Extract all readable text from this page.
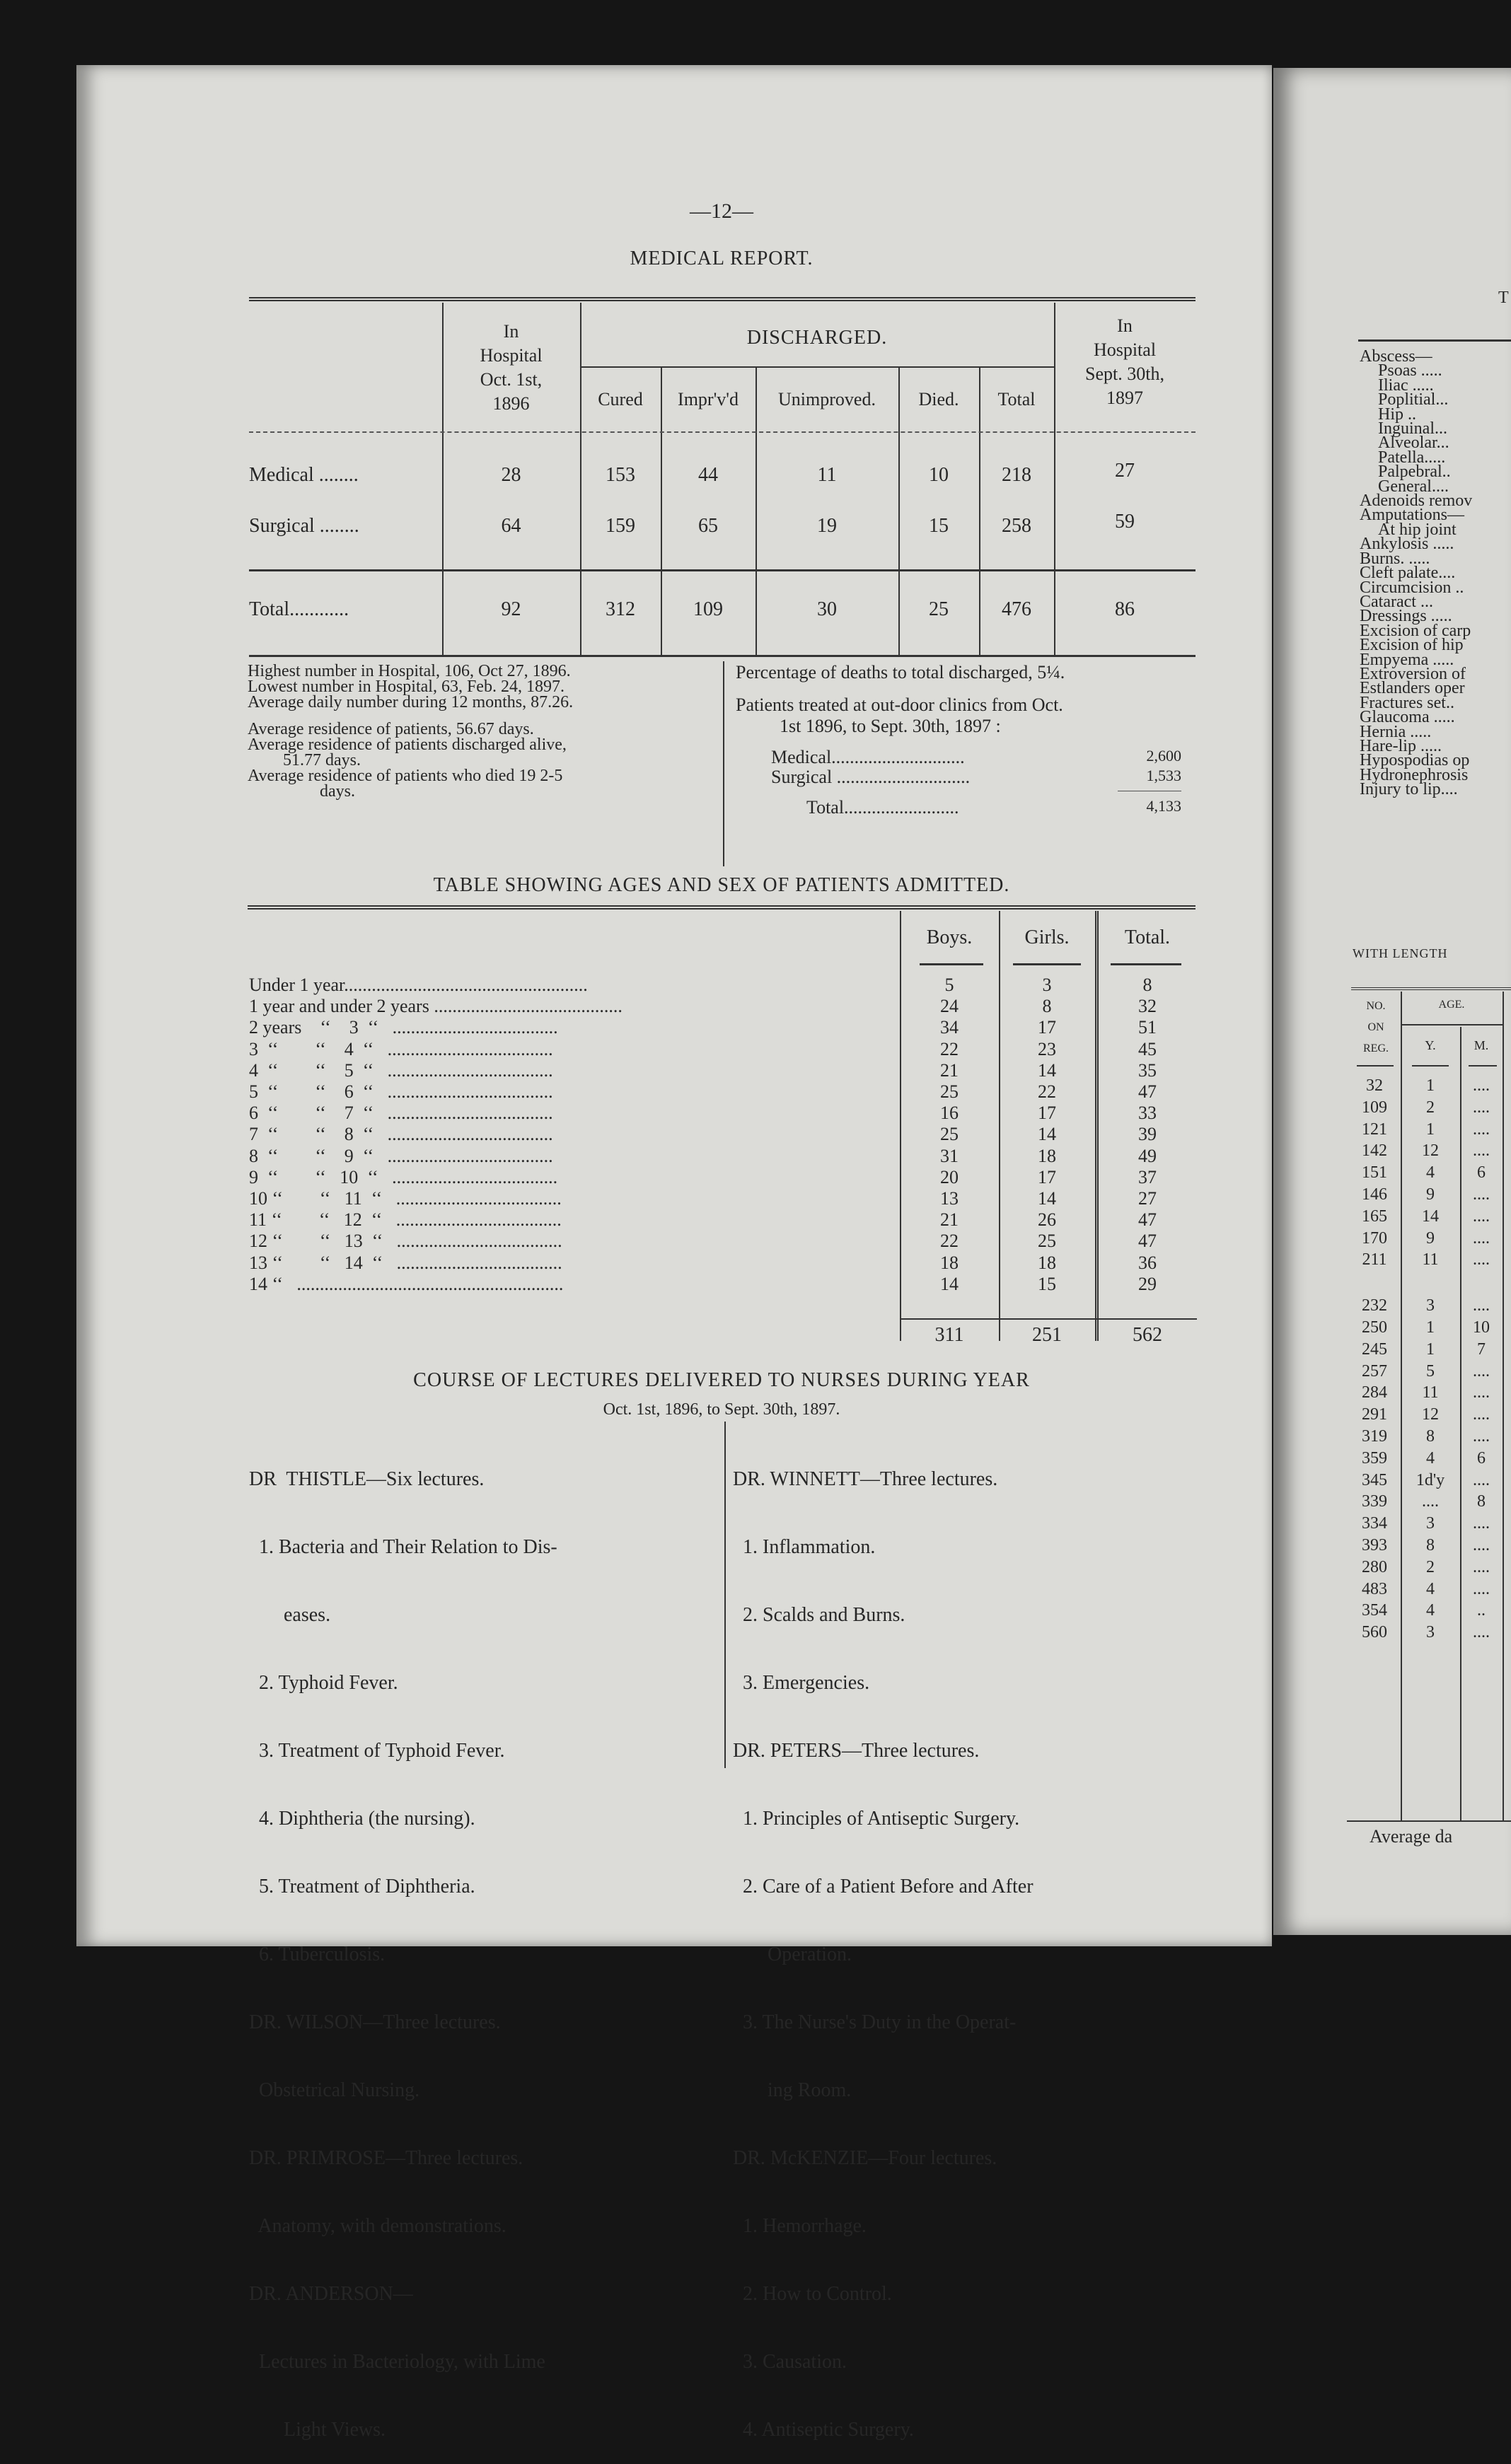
—12—
MEDICAL REPORT.
In
Hospital
Oct. 1st,
1896
DISCHARGED.
Cured	Impr'v'd	Unimproved.	Died.	Total
In
Hospital
Sept. 30th,
1897
Medical ........	28	153	44	11	10	218	27
Surgical ........	64	159	65	19	15	258	59
Total............	92	312	109	30	25	476	86
Highest number in Hospital, 106, Oct 27, 1896.
Lowest number in Hospital, 63, Feb. 24, 1897.
Average daily number during 12 months, 87.26.
Average residence of patients, 56.67 days.
Average residence of patients discharged alive,
51.77 days.
Average residence of patients who died 19 2-5
days.
Percentage of deaths to total discharged, 5¼.
Patients treated at out-door clinics from Oct.
1st 1896, to Sept. 30th, 1897 :
Medical.............................	2,600
Surgical .............................	1,533
Total.........................	4,133
TABLE SHOWING AGES AND SEX OF PATIENTS ADMITTED.
Boys.	Girls.	Total.
Under 1 year.....................................................	5	3	8
1 year and under 2 years .........................................	24	8	32
2 years    ‘‘    3  ‘‘   ....................................	34	17	51
3  ‘‘        ‘‘    4  ‘‘   ....................................	22	23	45
4  ‘‘        ‘‘    5  ‘‘   ....................................	21	14	35
5  ‘‘        ‘‘    6  ‘‘   ....................................	25	22	47
6  ‘‘        ‘‘    7  ‘‘   ....................................	16	17	33
7  ‘‘        ‘‘    8  ‘‘   ....................................	25	14	39
8  ‘‘        ‘‘    9  ‘‘   ....................................	31	18	49
9  ‘‘        ‘‘   10  ‘‘   ....................................	20	17	37
10 ‘‘        ‘‘   11  ‘‘   ....................................	13	14	27
11 ‘‘        ‘‘   12  ‘‘   ....................................	21	26	47
12 ‘‘        ‘‘   13  ‘‘   ....................................	22	25	47
13 ‘‘        ‘‘   14  ‘‘   ....................................	18	18	36
14 ‘‘   ..........................................................	14	15	29
311	251	562
COURSE OF LECTURES DELIVERED TO NURSES DURING YEAR
Oct. 1st, 1896, to Sept. 30th, 1897.

DR  THISTLE—Six lectures.

1. Bacteria and Their Relation to Dis-

eases.

2. Typhoid Fever.

3. Treatment of Typhoid Fever.

4. Diphtheria (the nursing).

5. Treatment of Diphtheria.

6. Tuberculosis.

DR. WILSON—Three lectures.

Obstetrical Nursing.

DR. PRIMROSE—Three lectures.

Anatomy, with demonstrations.

DR. ANDERSON—

Lectures in Bacteriology, with Lime

Light Views.

DR. WINNETT—Three lectures.

1. Inflammation.

2. Scalds and Burns.

3. Emergencies.

DR. PETERS—Three lectures.

1. Principles of Antiseptic Surgery.

2. Care of a Patient Before and After

Operation.

3. The Nurse's Duty in the Operat-

ing Room.

DR. McKENZIE—Four lectures.

1. Hemorrhage.

2. How to Control.

3. Causation.

4. Antiseptic Surgery.

T
Abscess—
Psoas .....
Iliac .....
Poplitial...
Hip ..
Inguinal...
Alveolar...
Patella.....
Palpebral..
General....
Adenoids remov
Amputations—
At hip joint
Ankylosis .....
Burns. .....
Cleft palate....
Circumcision ..
Cataract ...
Dressings .....
Excision of carp
Excision of hip
Empyema .....
Extroversion of
Estlanders oper
Fractures set..
Glaucoma .....
Hernia .....
Hare-lip .....
Hypospodias op
Hydronephrosis
Injury to lip....
WITH LENGTH
NO.
ON
REG.
AGE.
Y.	M.
32	1	....
109	2	....
121	1	....
142	12	....
151	4	6
146	9	....
165	14	....
170	9	....
211	11	....
232	3	....
250	1	10
245	1	7
257	5	....
284	11	....
291	12	....
319	8	....
359	4	6
345	1d'y	....
339	....	8
334	3	....
393	8	....
280	2	....
483	4	....
354	4	..
560	3	....
Average da
